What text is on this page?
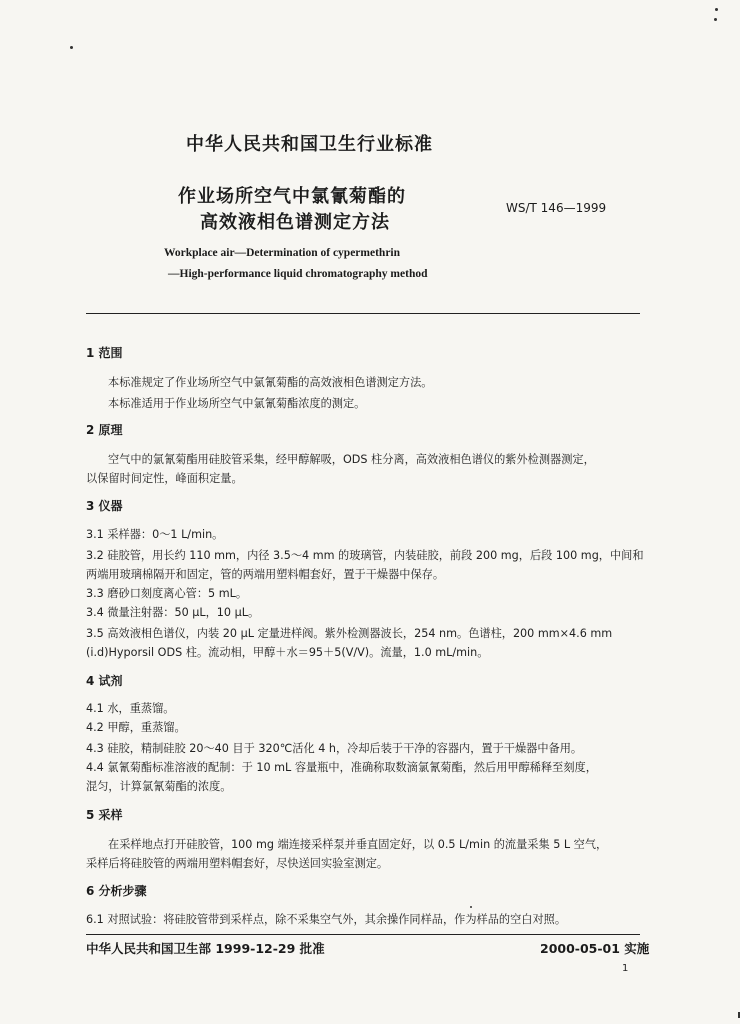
中华人民共和国卫生行业标准
作业场所空气中氯氰菊酯的
高效液相色谱测定方法
WS/T 146—1999
Workplace air—Determination of cypermethrin
—High-performance liquid chromatography method
1 范围
本标准规定了作业场所空气中氯氰菊酯的高效液相色谱测定方法。
本标准适用于作业场所空气中氯氰菊酯浓度的测定。
2 原理
空气中的氯氰菊酯用硅胶管采集，经甲醇解吸，ODS 柱分离，高效液相色谱仪的紫外检测器测定，
以保留时间定性，峰面积定量。
3 仪器
3.1 采样器：0～1 L/min。
3.2 硅胶管，用长约 110 mm，内径 3.5～4 mm 的玻璃管，内装硅胶，前段 200 mg，后段 100 mg，中间和
两端用玻璃棉隔开和固定，管的两端用塑料帽套好，置于干燥器中保存。
3.3 磨砂口刻度离心管：5 mL。
3.4 微量注射器：50 μL，10 μL。
3.5 高效液相色谱仪，内装 20 μL 定量进样阀。紫外检测器波长，254 nm。色谱柱，200 mm×4.6 mm
(i.d)Hyporsil ODS 柱。流动相，甲醇＋水＝95＋5(V/V)。流量，1.0 mL/min。
4 试剂
4.1 水，重蒸馏。
4.2 甲醇，重蒸馏。
4.3 硅胶，精制硅胶 20～40 目于 320℃活化 4 h，冷却后装于干净的容器内，置于干燥器中备用。
4.4 氯氰菊酯标准溶液的配制：于 10 mL 容量瓶中，准确称取数滴氯氰菊酯，然后用甲醇稀释至刻度，
混匀，计算氯氰菊酯的浓度。
5 采样
在采样地点打开硅胶管，100 mg 端连接采样泵并垂直固定好，以 0.5 L/min 的流量采集 5 L 空气，
采样后将硅胶管的两端用塑料帽套好，尽快送回实验室测定。
6 分析步骤
6.1 对照试验：将硅胶管带到采样点，除不采集空气外，其余操作同样品，作为样品的空白对照。
中华人民共和国卫生部 1999-12-29 批准	2000-05-01 实施
1
